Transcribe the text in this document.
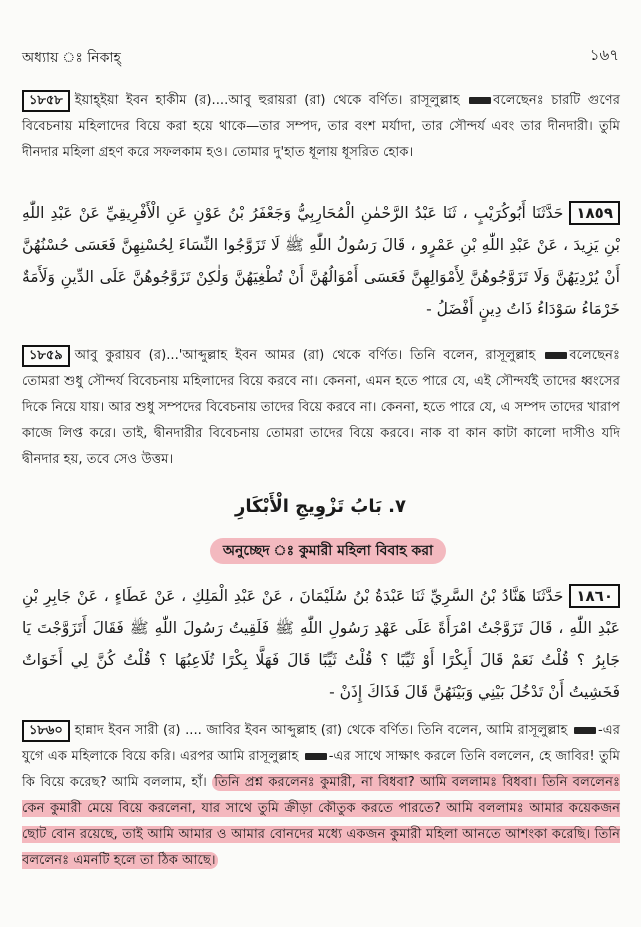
অধ্যায় ঃ নিকাহ্	১৬৭
১৮৫৮ ইয়াহ্ইয়া ইবন হাকীম (র)....আবু হুরায়রা (রা) থেকে বর্ণিত। রাসূলুল্লাহ বলেছেনঃ চারটি গুণের বিবেচনায় মহিলাদের বিয়ে করা হয়ে থাকে—তার সম্পদ, তার বংশ মর্যাদা, তার সৌন্দর্য এবং তার দীনদারী। তুমি দীনদার মহিলা গ্রহণ করে সফলকাম হও। তোমার দু'হাত ধূলায় ধূসরিত হোক।
١٨٥٩حَدَّثَنَا أَبُوكُرَيْبٍ ، ثَنَا عَبْدُ الرَّحْمٰنِ الْمُحَارِبِيُّ وَجَعْفَرُ بْنُ عَوْنٍ عَنِ الْأَفْرِيقِيِّ عَنْ عَبْدِ اللّٰهِ بْنِ يَزِيدَ ، عَنْ عَبْدِ اللّٰهِ بْنِ عَمْرٍو ، قَالَ رَسُولُ اللّٰهِ ﷺ لَا تَزَوَّجُوا النِّسَاءَ لِحُسْنِهِنَّ فَعَسَى حُسْنُهُنَّ أَنْ يُرْدِيَهُنَّ وَلَا تَزَوَّجُوهُنَّ لِأَمْوَالِهِنَّ فَعَسَى أَمْوَالُهُنَّ أَنْ تُطْغِيَهُنَّ وَلٰكِنْ تَزَوَّجُوهُنَّ عَلَى الدِّينِ وَلَأَمَةٌ خَرْمَاءُ سَوْدَاءُ ذَاتُ دِينٍ أَفْضَلُ -
১৮৫৯ আবু কুরায়ব (র)...'আব্দুল্লাহ ইবন আমর (রা) থেকে বর্ণিত। তিনি বলেন, রাসূলুল্লাহ বলেছেনঃ তোমরা শুধু সৌন্দর্য বিবেচনায় মহিলাদের বিয়ে করবে না। কেননা, এমন হতে পারে যে, এই সৌন্দর্যই তাদের ধ্বংসের দিকে নিয়ে যায়। আর শুধু সম্পদের বিবেচনায় তাদের বিয়ে করবে না। কেননা, হতে পারে যে, এ সম্পদ তাদের খারাপ কাজে লিপ্ত করে। তাই, দ্বীনদারীর বিবেচনায় তোমরা তাদের বিয়ে করবে। নাক বা কান কাটা কালো দাসীও যদি দ্বীনদার হয়, তবে সেও উত্তম।
٧. بَابُ تَزْوِيجِ الْأَبْكَارِ
অনুচ্ছেদ ঃ কুমারী মহিলা বিবাহ করা
١٨٦٠حَدَّثَنَا هَنَّادُ بْنُ السَّرِيِّ ثَنَا عَبْدَةُ بْنُ سُلَيْمَانَ ، عَنْ عَبْدِ الْمَلِكِ ، عَنْ عَطَاءٍ ، عَنْ جَابِرِ بْنِ عَبْدِ اللّٰهِ ، قَالَ تَزَوَّجْتُ امْرَأَةً عَلَى عَهْدِ رَسُولِ اللّٰهِ ﷺ فَلَقِيتُ رَسُولَ اللّٰهِ ﷺ فَقَالَ أَتَزَوَّجْتَ يَا جَابِرُ ؟ قُلْتُ نَعَمْ قَالَ أَبِكْرًا أَوْ ثَيِّبًا ؟ قُلْتُ ثَيِّبًا قَالَ فَهَلَّا بِكْرًا تُلَاعِبُهَا ؟ قُلْتُ كُنَّ لِي أَخَوَاتٌ فَخَشِيتُ أَنْ تَدْخُلَ بَيْنِي وَبَيْنَهُنَّ قَالَ فَذَاكَ إِذَنْ -
১৮৬০ হান্নাদ ইবন সারী (র) .... জাবির ইবন আব্দুল্লাহ (রা) থেকে বর্ণিত। তিনি বলেন, আমি রাসূলুল্লাহ -এর যুগে এক মহিলাকে বিয়ে করি। এরপর আমি রাসূলুল্লাহ -এর সাথে সাক্ষাৎ করলে তিনি বললেন, হে জাবির! তুমি কি বিয়ে করেছ? আমি বললাম, হাঁ। তিনি প্রশ্ন করলেনঃ কুমারী, না বিধবা? আমি বললামঃ বিধবা। তিনি বললেনঃ কেন কুমারী মেয়ে বিয়ে করলেনা, যার সাথে তুমি ক্রীড়া কৌতুক করতে পারতে? আমি বললামঃ আমার কয়েকজন ছোট বোন রয়েছে, তাই আমি আমার ও আমার বোনদের মধ্যে একজন কুমারী মহিলা আনতে আশংকা করেছি। তিনি বললেনঃ এমনটি হলে তা ঠিক আছে।
